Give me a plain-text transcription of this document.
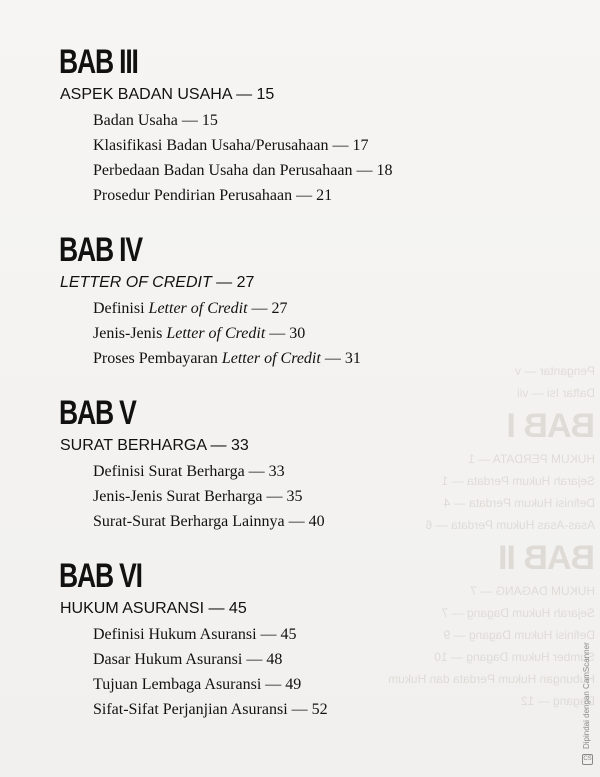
Pengantar — v
Daftar Isi — vii
BAB I
HUKUM PERDATA — 1
Sejarah Hukum Perdata — 1
Definisi Hukum Perdata — 4
Asas-Asas Hukum Perdata — 6
BAB II
HUKUM DAGANG — 7
Sejarah Hukum Dagang — 7
Definisi Hukum Dagang — 9
Sumber Hukum Dagang — 10
Hubungan Hukum Perdata dan Hukum Dagang — 12
BAB III
ASPEK BADAN USAHA — 15
Badan Usaha — 15
Klasifikasi Badan Usaha/Perusahaan — 17
Perbedaan Badan Usaha dan Perusahaan — 18
Prosedur Pendirian Perusahaan — 21
BAB IV
LETTER OF CREDIT — 27
Definisi Letter of Credit — 27
Jenis-Jenis Letter of Credit — 30
Proses Pembayaran Letter of Credit — 31
BAB V
SURAT BERHARGA — 33
Definisi Surat Berharga — 33
Jenis-Jenis Surat Berharga — 35
Surat-Surat Berharga Lainnya — 40
BAB VI
HUKUM ASURANSI — 45
Definisi Hukum Asuransi — 45
Dasar Hukum Asuransi — 48
Tujuan Lembaga Asuransi — 49
Sifat-Sifat Perjanjian Asuransi — 52	Dipindai dengan CamScanner
CS
